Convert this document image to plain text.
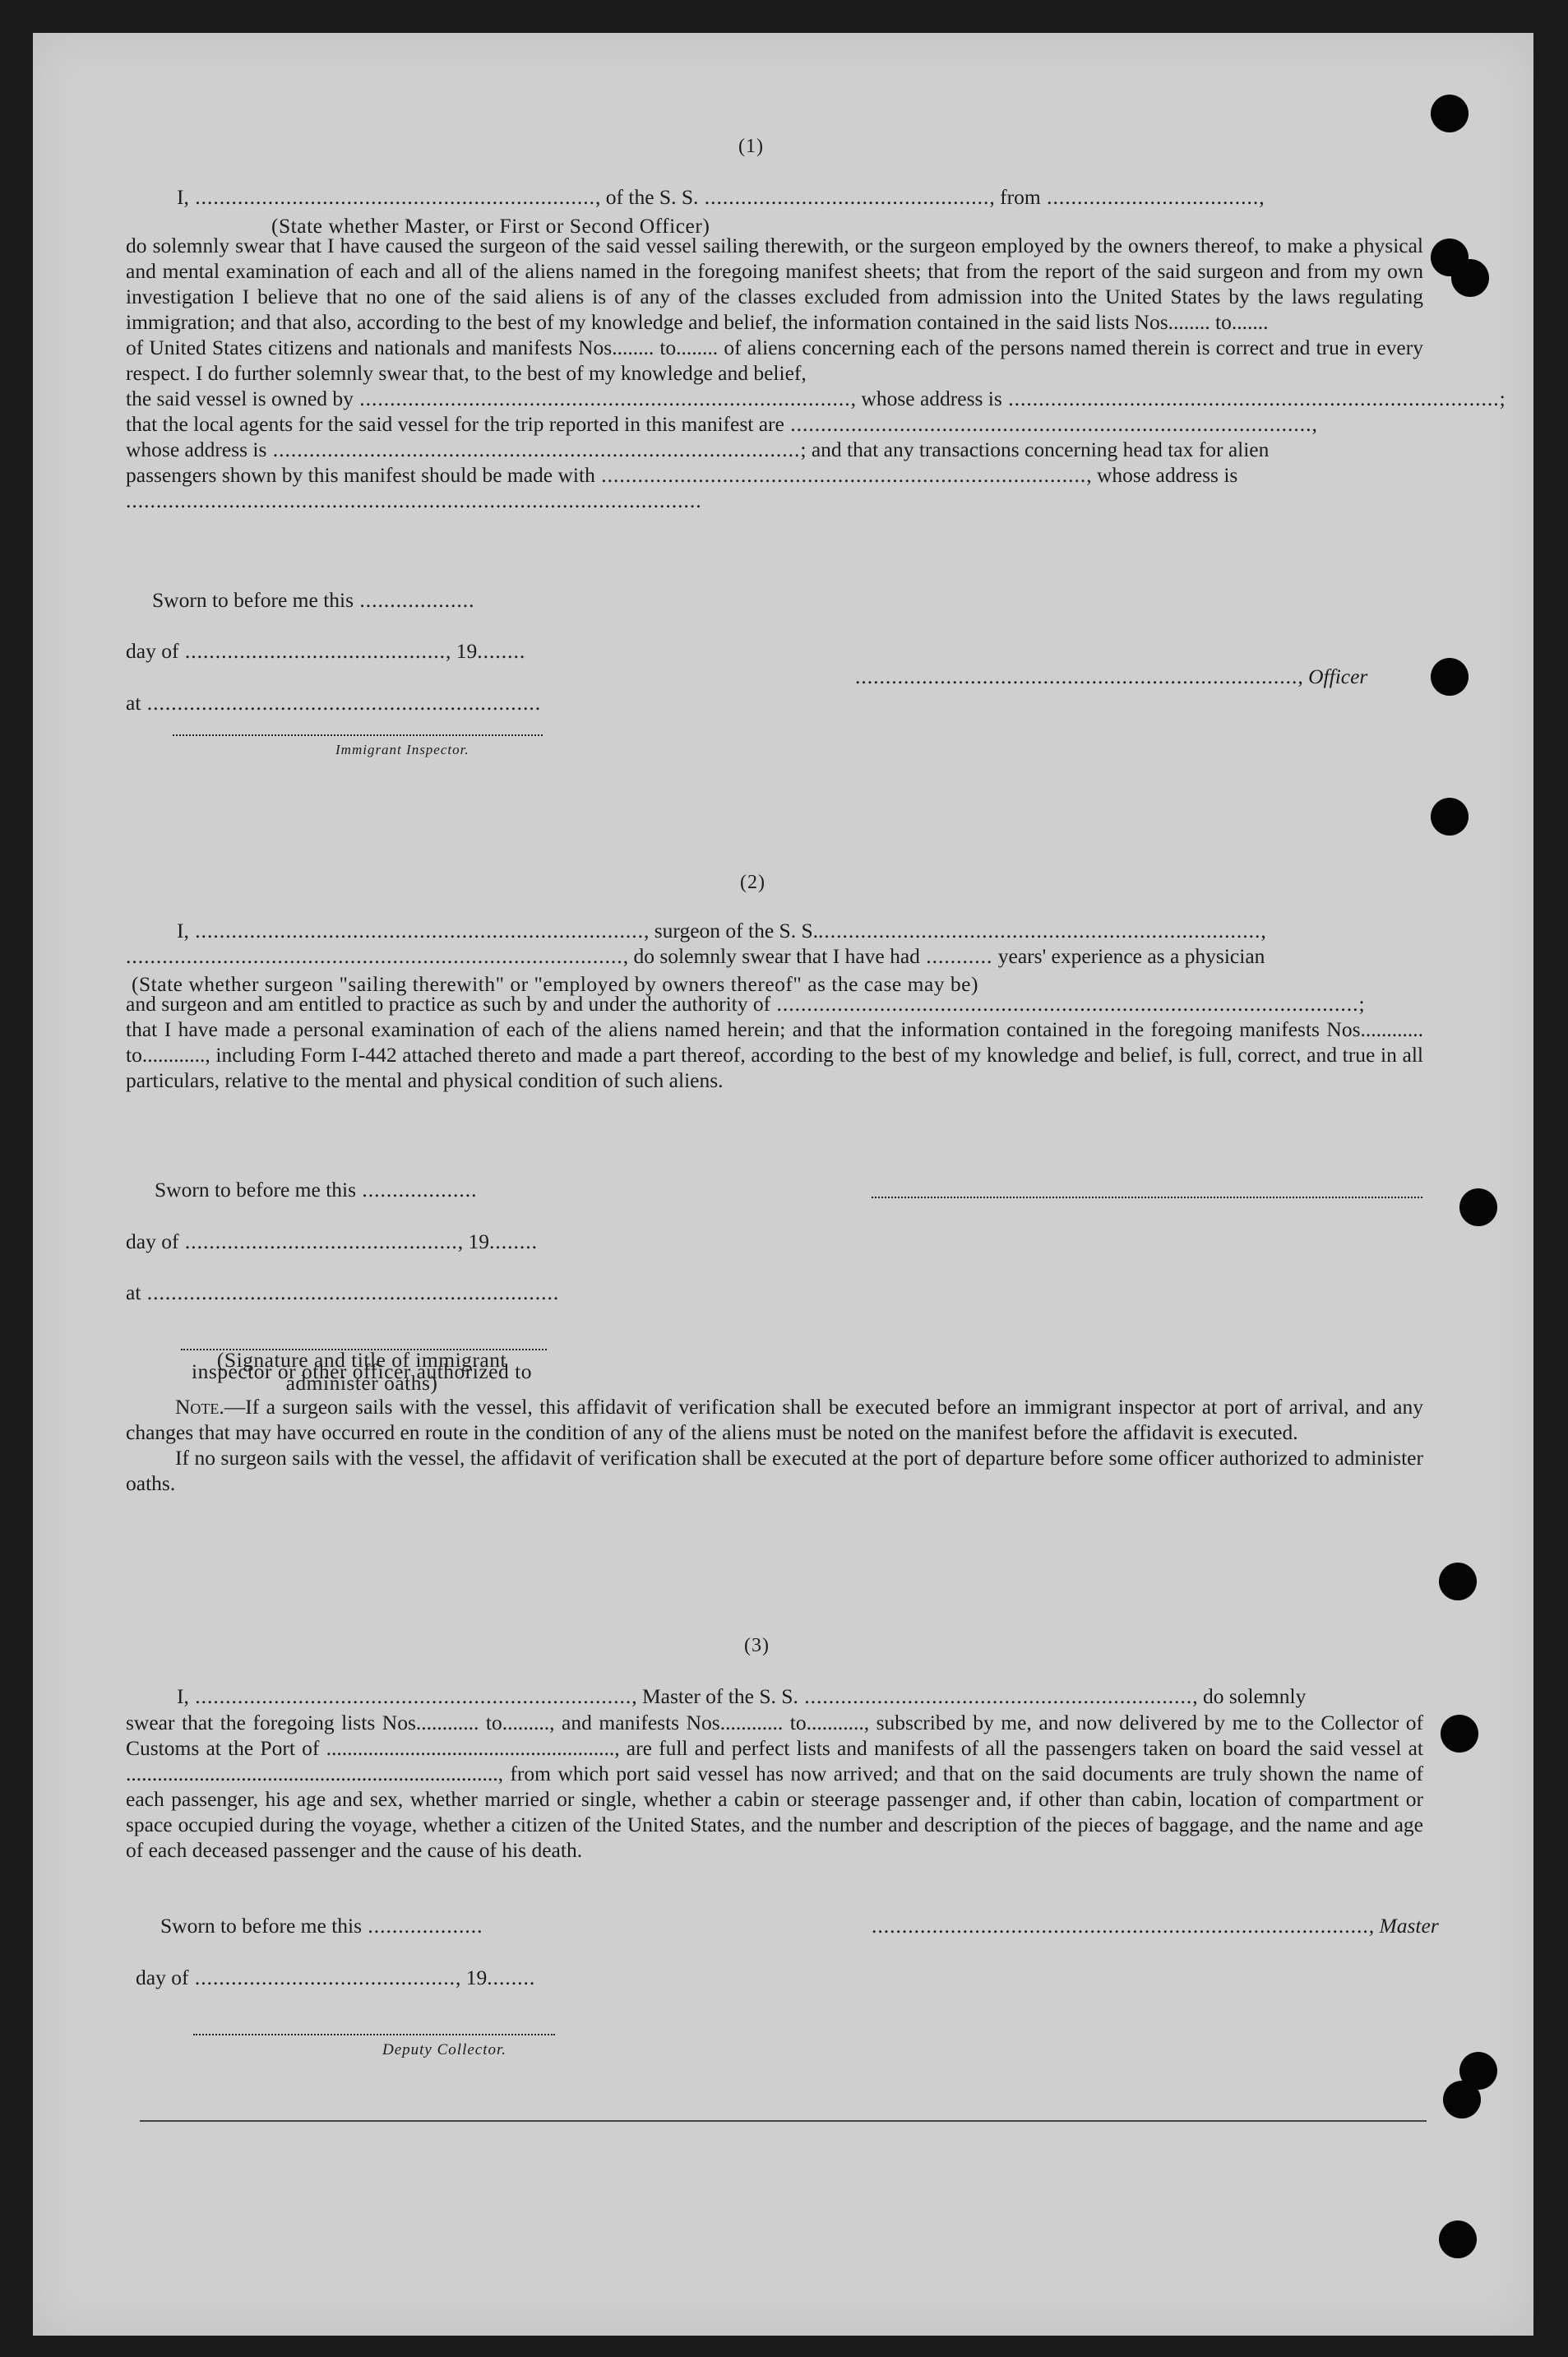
(1)
I, .................................................................., of the S. S. ..............................................., from ...................................,
(State whether Master, or First or Second Officer)
do solemnly swear that I have caused the surgeon of the said vessel sailing therewith, or the surgeon employed by the owners thereof, to make a physical and mental examination of each and all of the aliens named in the foregoing manifest sheets; that from the report of the said surgeon and from my own investigation I believe that no one of the said aliens is of any of the classes excluded from admission into the United States by the laws regulating immigration; and that also, according to the best of my knowledge and belief, the information contained in the said lists Nos........ to.......
of United States citizens and nationals and manifests Nos........ to........ of aliens concerning each of the persons named therein is correct and true in every respect. I do further solemnly swear that, to the best of my knowledge and belief,
the said vessel is owned by ................................................................................., whose address is .................................................................................;
that the local agents for the said vessel for the trip reported in this manifest are ......................................................................................,
whose address is .......................................................................................; and that any transactions concerning head tax for alien
passengers shown by this manifest should be made with ................................................................................, whose address is
...............................................................................................
Sworn to before me this ...................
day of ..........................................., 19........
........................................................................., Officer
at .................................................................
Immigrant Inspector.
(2)
I, .........................................................................., surgeon of the S. S..........................................................................,
.................................................................................., do solemnly swear that I have had ........... years' experience as a physician
(State whether surgeon "sailing therewith" or "employed by owners thereof" as the case may be)
and surgeon and am entitled to practice as such by and under the authority of ................................................................................................;
that I have made a personal examination of each of the aliens named herein; and that the information contained in the foregoing manifests Nos............ to............, including Form I-442 attached thereto and made a part thereof, according to the best of my knowledge and belief, is full, correct, and true in all particulars, relative to the mental and physical condition of such aliens.
Sworn to before me this ...................
day of ............................................., 19........
at ....................................................................
(Signature and title of immigrant inspector or other officer authorized to administer oaths)
Note.—If a surgeon sails with the vessel, this affidavit of verification shall be executed before an immigrant inspector at port of arrival, and any changes that may have occurred en route in the condition of any of the aliens must be noted on the manifest before the affidavit is executed.
If no surgeon sails with the vessel, the affidavit of verification shall be executed at the port of departure before some officer authorized to administer oaths.
(3)
I, ........................................................................, Master of the S. S. ................................................................, do solemnly
swear that the foregoing lists Nos............ to........., and manifests Nos............ to..........., subscribed by me, and now delivered by me to the Collector of Customs at the Port of ......................................................., are full and perfect lists and manifests of all the passengers taken on board the said vessel at ......................................................................., from which port said vessel has now arrived; and that on the said documents are truly shown the name of each passenger, his age and sex, whether married or single, whether a cabin or steerage passenger and, if other than cabin, location of compartment or space occupied during the voyage, whether a citizen of the United States, and the number and description of the pieces of baggage, and the name and age of each deceased passenger and the cause of his death.
Sworn to before me this ...................	.................................................................................., Master
day of ..........................................., 19........
Deputy Collector.
